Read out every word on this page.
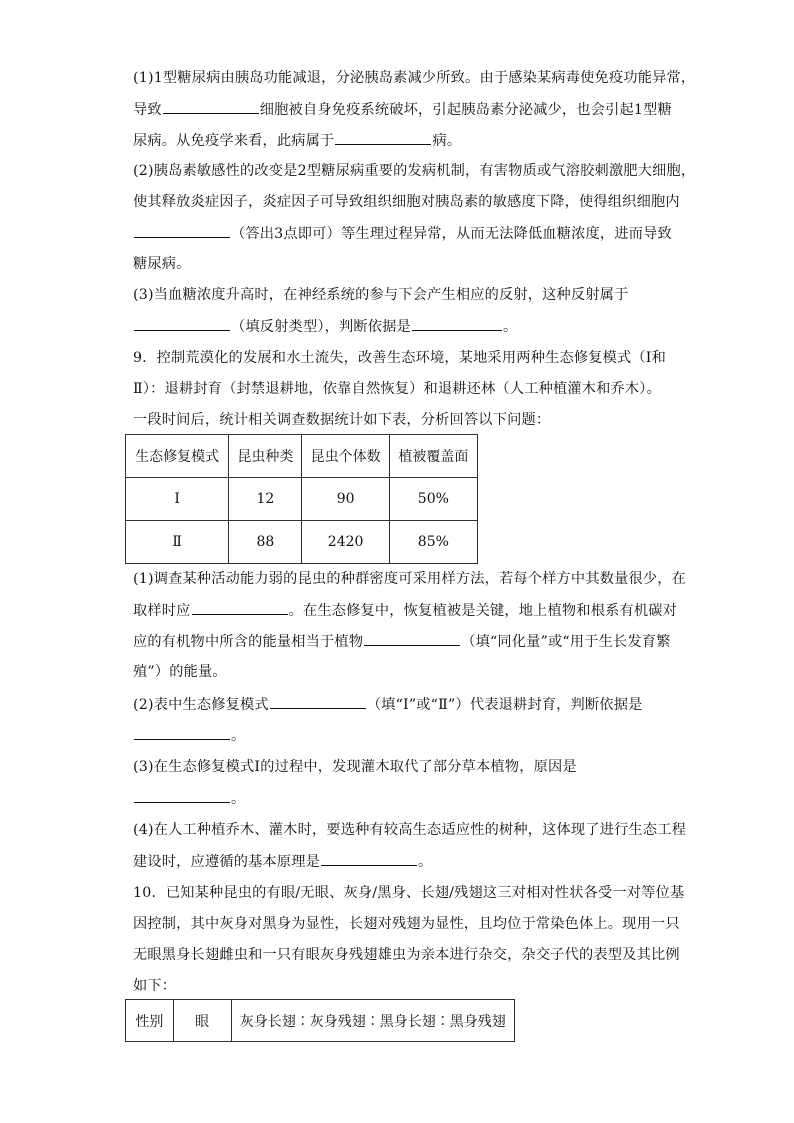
(1)1型糖尿病由胰岛功能减退，分泌胰岛素减少所致。由于感染某病毒使免疫功能异常，
导致	细胞被自身免疫系统破坏，引起胰岛素分泌减少，也会引起1型糖
尿病。从免疫学来看，此病属于	病。
(2)胰岛素敏感性的改变是2型糖尿病重要的发病机制，有害物质或气溶胶刺激肥大细胞，
使其释放炎症因子，炎症因子可导致组织细胞对胰岛素的敏感度下降，使得组织细胞内
（答出3点即可）等生理过程异常，从而无法降低血糖浓度，进而导致
糖尿病。
(3)当血糖浓度升高时，在神经系统的参与下会产生相应的反射，这种反射属于
（填反射类型），判断依据是	。
9．控制荒漠化的发展和水土流失，改善生态环境，某地采用两种生态修复模式（Ⅰ和
Ⅱ）：退耕封育（封禁退耕地，依靠自然恢复）和退耕还林（人工种植灌木和乔木）。
一段时间后，统计相关调查数据统计如下表，分析回答以下问题：
生态修复模式	昆虫种类	昆虫个体数	植被覆盖面
Ⅰ	12	90	50%
Ⅱ	88	2420	85%
(1)调查某种活动能力弱的昆虫的种群密度可采用样方法，若每个样方中其数量很少，在
取样时应	。在生态修复中，恢复植被是关键，地上植物和根系有机碳对
应的有机物中所含的能量相当于植物	（填“同化量”或“用于生长发育繁
殖”）的能量。
(2)表中生态修复模式	（填“Ⅰ”或“Ⅱ”）代表退耕封育，判断依据是
。
(3)在生态修复模式Ⅰ的过程中，发现灌木取代了部分草本植物，原因是
。
(4)在人工种植乔木、灌木时，要选种有较高生态适应性的树种，这体现了进行生态工程
建设时，应遵循的基本原理是	。
10．已知某种昆虫的有眼/无眼、灰身/黑身、长翅/残翅这三对相对性状各受一对等位基
因控制，其中灰身对黑身为显性，长翅对残翅为显性，且均位于常染色体上。现用一只
无眼黑身长翅雌虫和一只有眼灰身残翅雄虫为亲本进行杂交，杂交子代的表型及其比例
如下：
性别	眼	灰身长翅∶灰身残翅∶黑身长翅∶黑身残翅
